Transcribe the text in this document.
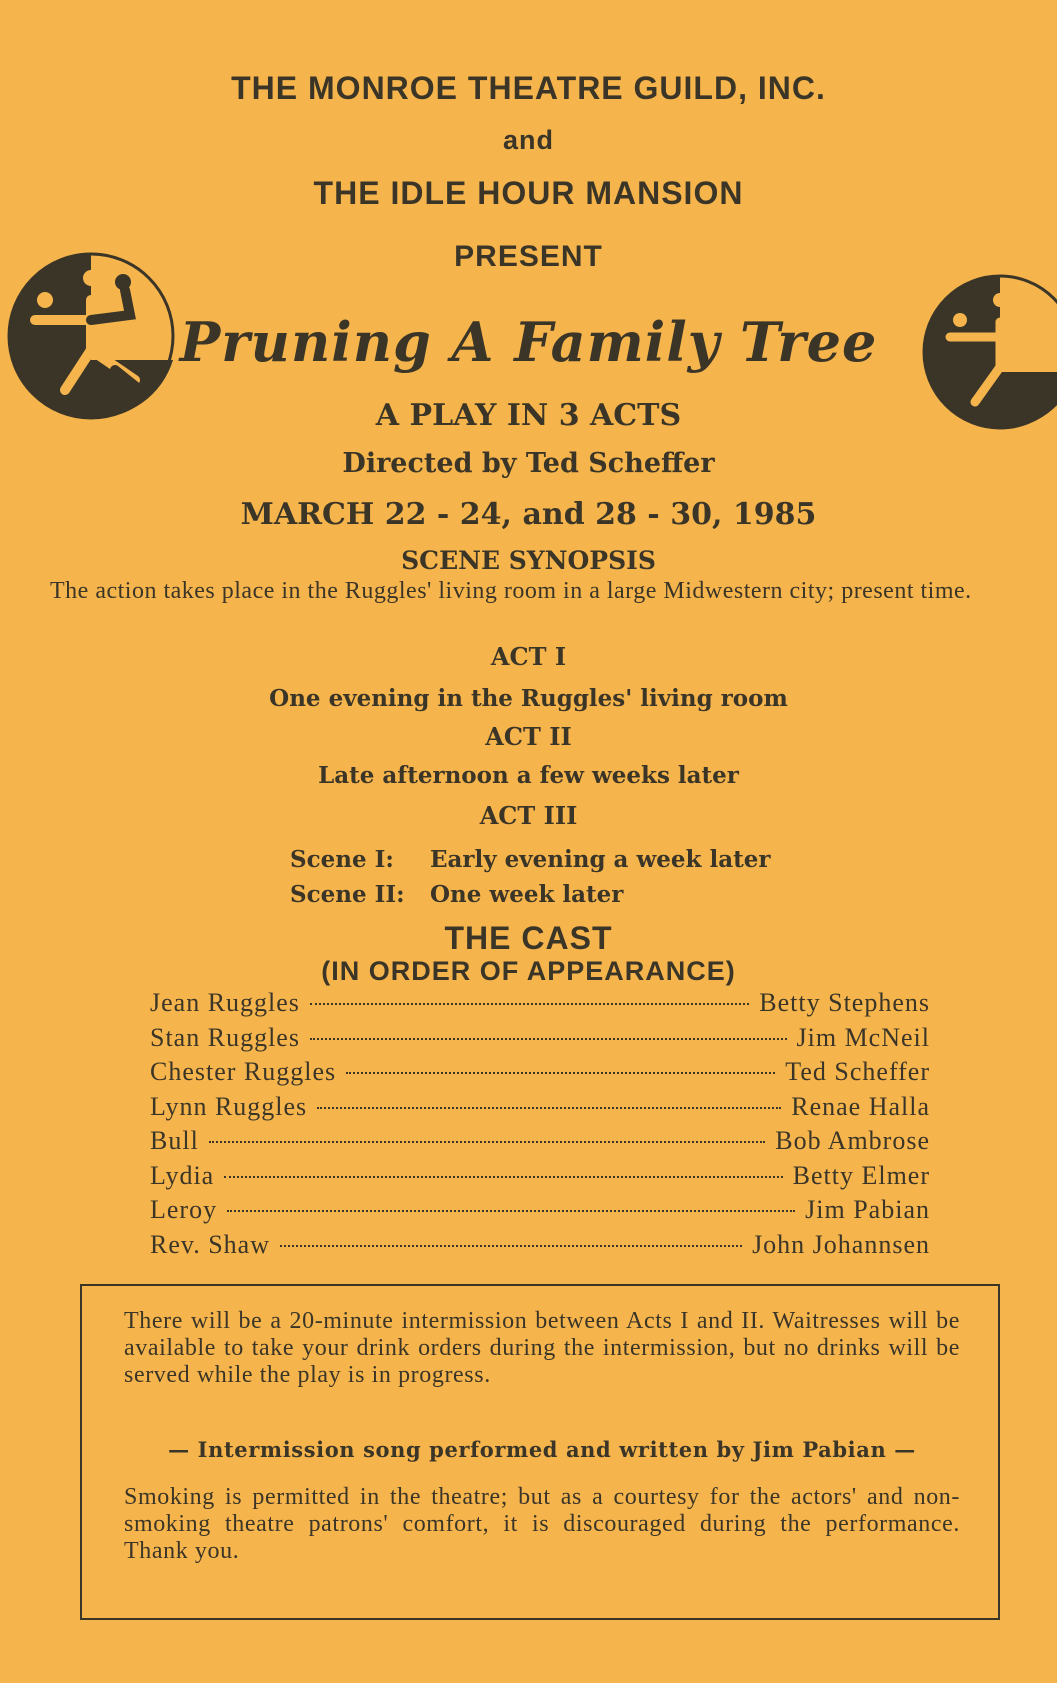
THE MONROE THEATRE GUILD, INC.
and
THE IDLE HOUR MANSION
PRESENT
Pruning A Family Tree
A PLAY IN 3 ACTS
Directed by Ted Scheffer
MARCH 22 - 24, and 28 - 30, 1985
SCENE SYNOPSIS
The action takes place in the Ruggles' living room in a large Midwestern city; present time.
ACT I
One evening in the Ruggles' living room
ACT II
Late afternoon a few weeks later
ACT III
Scene I: Early evening a week later
Scene II: One week later
THE CAST
(IN ORDER OF APPEARANCE)
Jean Ruggles	Betty Stephens
Stan Ruggles	Jim McNeil
Chester Ruggles	Ted Scheffer
Lynn Ruggles	Renae Halla
Bull	Bob Ambrose
Lydia	Betty Elmer
Leroy	Jim Pabian
Rev. Shaw	John Johannsen
There will be a 20-minute intermission between Acts I and II. Waitresses will be available to take your drink orders during the intermission, but no drinks will be served while the play is in progress.
— Intermission song performed and written by Jim Pabian —
Smoking is permitted in the theatre; but as a courtesy for the actors' and non-smoking theatre patrons' comfort, it is discouraged during the performance. Thank you.
